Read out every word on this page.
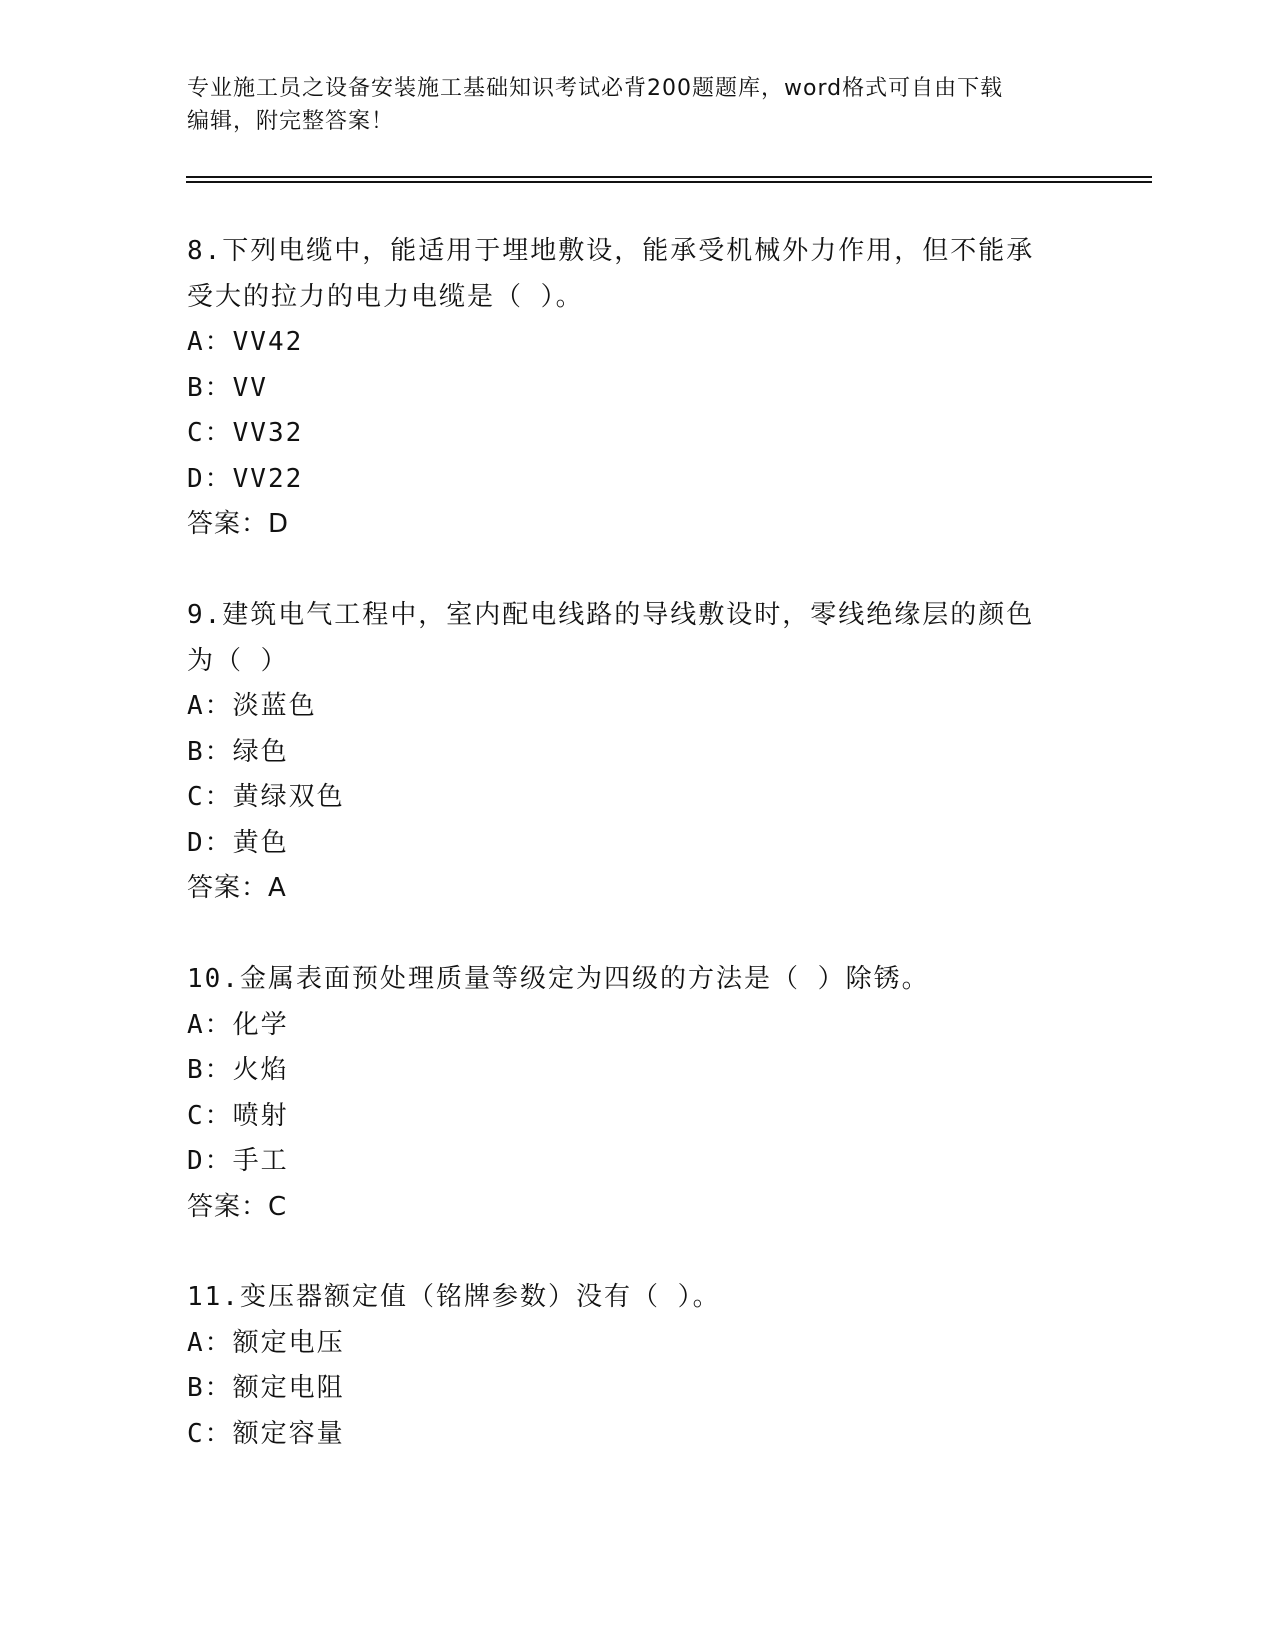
专业施工员之设备安装施工基础知识考试必背200题题库，word格式可自由下载
编辑，附完整答案！
8.下列电缆中，能适用于埋地敷设，能承受机械外力作用，但不能承
受大的拉力的电力电缆是（ ）。
A：VV42
B：VV
C：VV32
D：VV22
答案：D
9.建筑电气工程中，室内配电线路的导线敷设时，零线绝缘层的颜色
为（ ）
A：淡蓝色
B：绿色
C：黄绿双色
D：黄色
答案：A
10.金属表面预处理质量等级定为四级的方法是（ ）除锈。
A：化学
B：火焰
C：喷射
D：手工
答案：C
11.变压器额定值（铭牌参数）没有（ ）。
A：额定电压
B：额定电阻
C：额定容量
